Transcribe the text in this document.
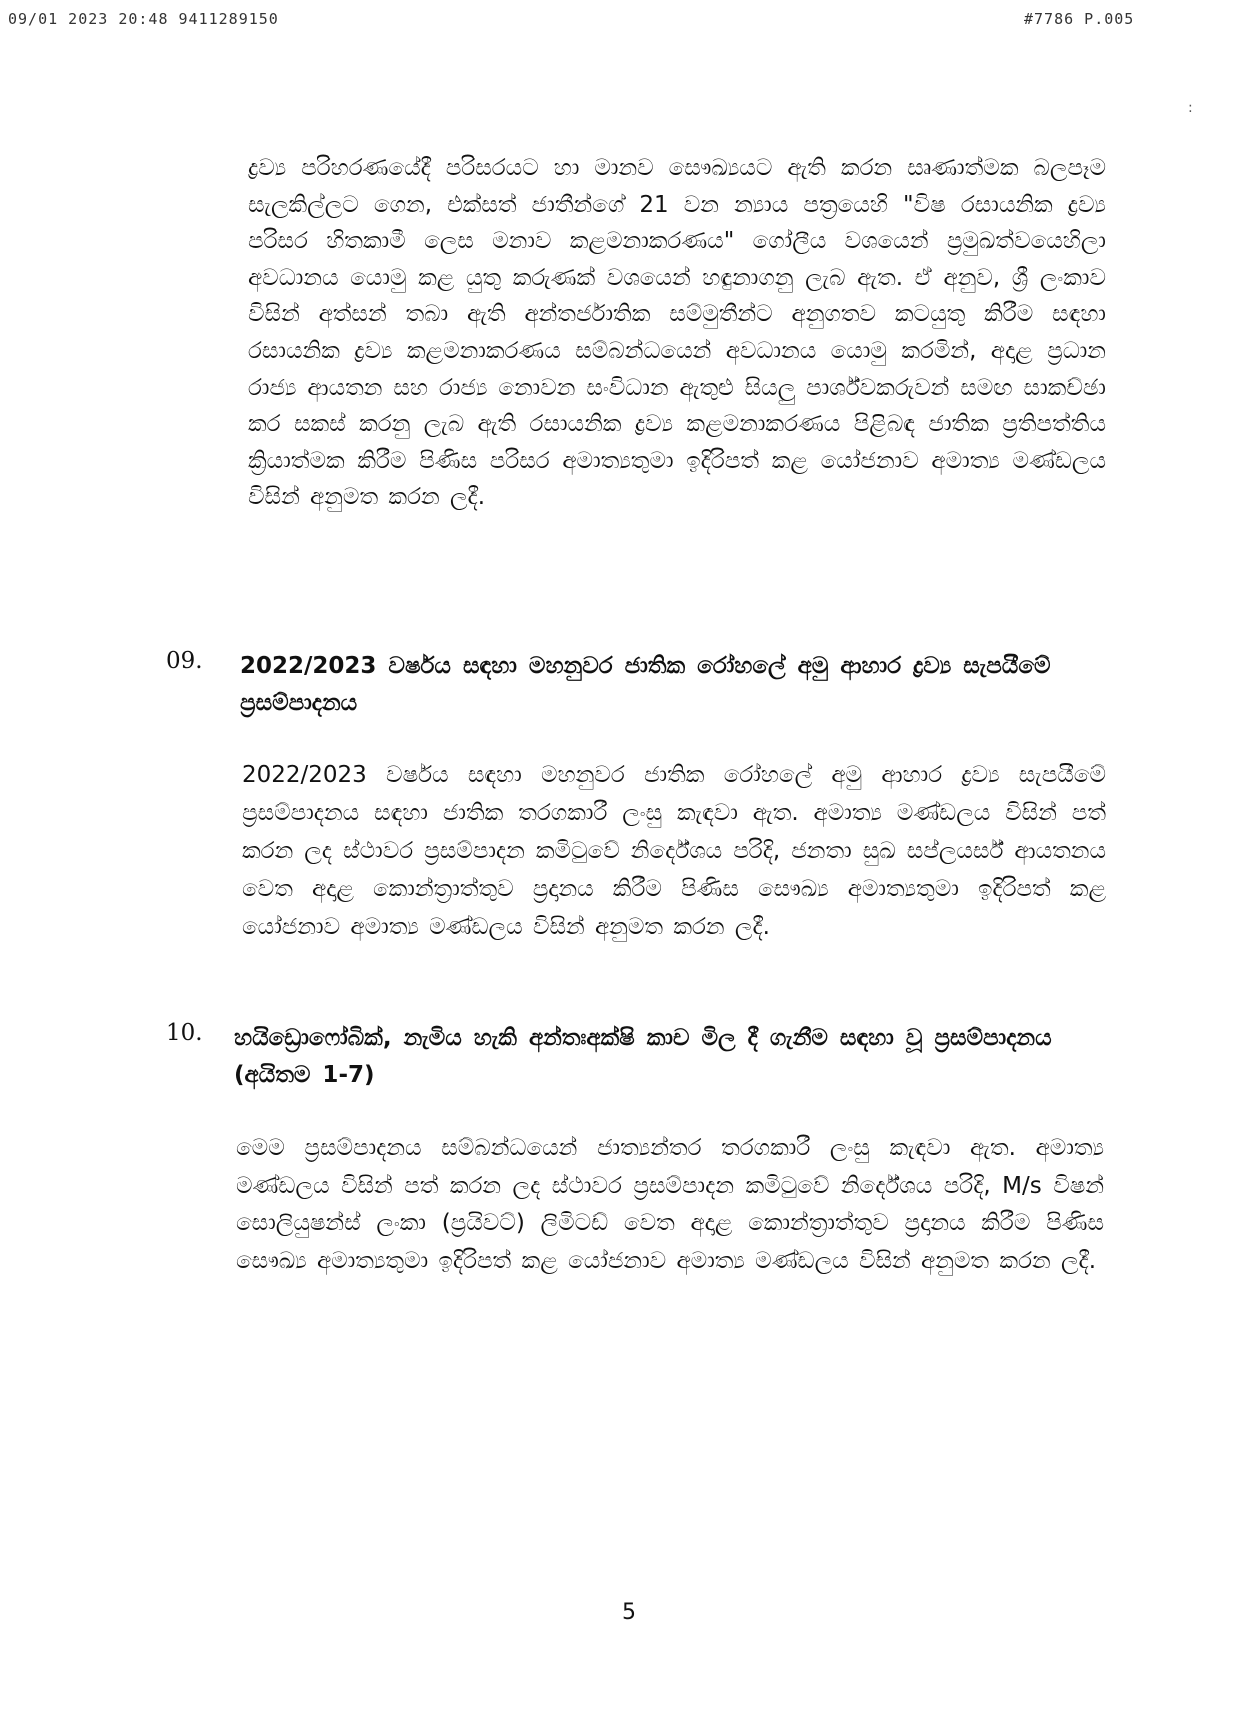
09/01 2023 20:48 9411289150	#7786 P.005
:

ද්‍රව්‍ය පරිහරණයේදී පරිසරයට හා මානව සෞඛ්‍යයට ඇති කරන සෘණාත්මක බලපෑම සැලකිල්ලට ගෙන, එක්සත් ජාතීන්ගේ 21 වන න්‍යාය පත්‍රයෙහි "විෂ රසායනික ද්‍රව්‍ය පරිසර හිතකාමී ලෙස මනාව කළමනාකරණය" ගෝලීය වශයෙන් ප්‍රමුඛත්වයෙහිලා අවධානය යොමු කළ යුතු කරුණක් වශයෙන් හඳුනාගනු ලැබ ඇත. ඒ අනුව, ශ්‍රී ලංකාව විසින් අත්සන් තබා ඇති අන්තර්ජාතික සම්මුතීන්ට අනුගතව කටයුතු කිරීම සඳහා රසායනික ද්‍රව්‍ය කළමනාකරණය සම්බන්ධයෙන් අවධානය යොමු කරමින්, අදාළ ප්‍රධාන රාජ්‍ය ආයතන සහ රාජ්‍ය නොවන සංවිධාන ඇතුළු සියලු පාර්ශ්වකරුවන් සමඟ සාකච්ඡා කර සකස් කරනු ලැබ ඇති රසායනික ද්‍රව්‍ය කළමනාකරණය පිළිබඳ ජාතික ප්‍රතිපත්තිය ක්‍රියාත්මක කිරීම පිණිස පරිසර අමාත්‍යතුමා ඉදිරිපත් කළ යෝජනාව අමාත්‍ය මණ්ඩලය විසින් අනුමත කරන ලදී.

09. 2022/2023 වර්ෂය සඳහා මහනුවර ජාතික රෝහලේ අමු ආහාර ද්‍රව්‍ය සැපයීමේ ප්‍රසම්පාදනය

2022/2023 වර්ෂය සඳහා මහනුවර ජාතික රෝහලේ අමු ආහාර ද්‍රව්‍ය සැපයීමේ ප්‍රසම්පාදනය සඳහා ජාතික තරගකාරී ලංසු කැඳවා ඇත. අමාත්‍ය මණ්ඩලය විසින් පත් කරන ලද ස්ථාවර ප්‍රසම්පාදන කමිටුවේ නිර්දේශය පරිදි, ජනතා සුඛ සප්ලයර්ස් ආයතනය වෙත අදාළ කොන්ත්‍රාත්තුව ප්‍රදානය කිරීම පිණිස සෞඛ්‍ය අමාත්‍යතුමා ඉදිරිපත් කළ යෝජනාව අමාත්‍ය මණ්ඩලය විසින් අනුමත කරන ලදී.

10. හයිඩ්‍රොෆෝබික්, නැමිය හැකි අන්තඃඅක්ෂි කාච මිල දී ගැනීම සඳහා වූ ප්‍රසම්පාදනය (අයිතම 1-7)

මෙම ප්‍රසම්පාදනය සම්බන්ධයෙන් ජාත්‍යන්තර තරගකාරී ලංසු කැඳවා ඇත. අමාත්‍ය මණ්ඩලය විසින් පත් කරන ලද ස්ථාවර ප්‍රසම්පාදන කමිටුවේ නිර්දේශය පරිදි, M/s විෂන් සොලියුෂන්ස් ලංකා (ප්‍රයිවට්) ලිමිටඩ් වෙත අදාළ කොන්ත්‍රාත්තුව ප්‍රදානය කිරීම පිණිස සෞඛ්‍ය අමාත්‍යතුමා ඉදිරිපත් කළ යෝජනාව අමාත්‍ය මණ්ඩලය විසින් අනුමත කරන ලදී.

5
